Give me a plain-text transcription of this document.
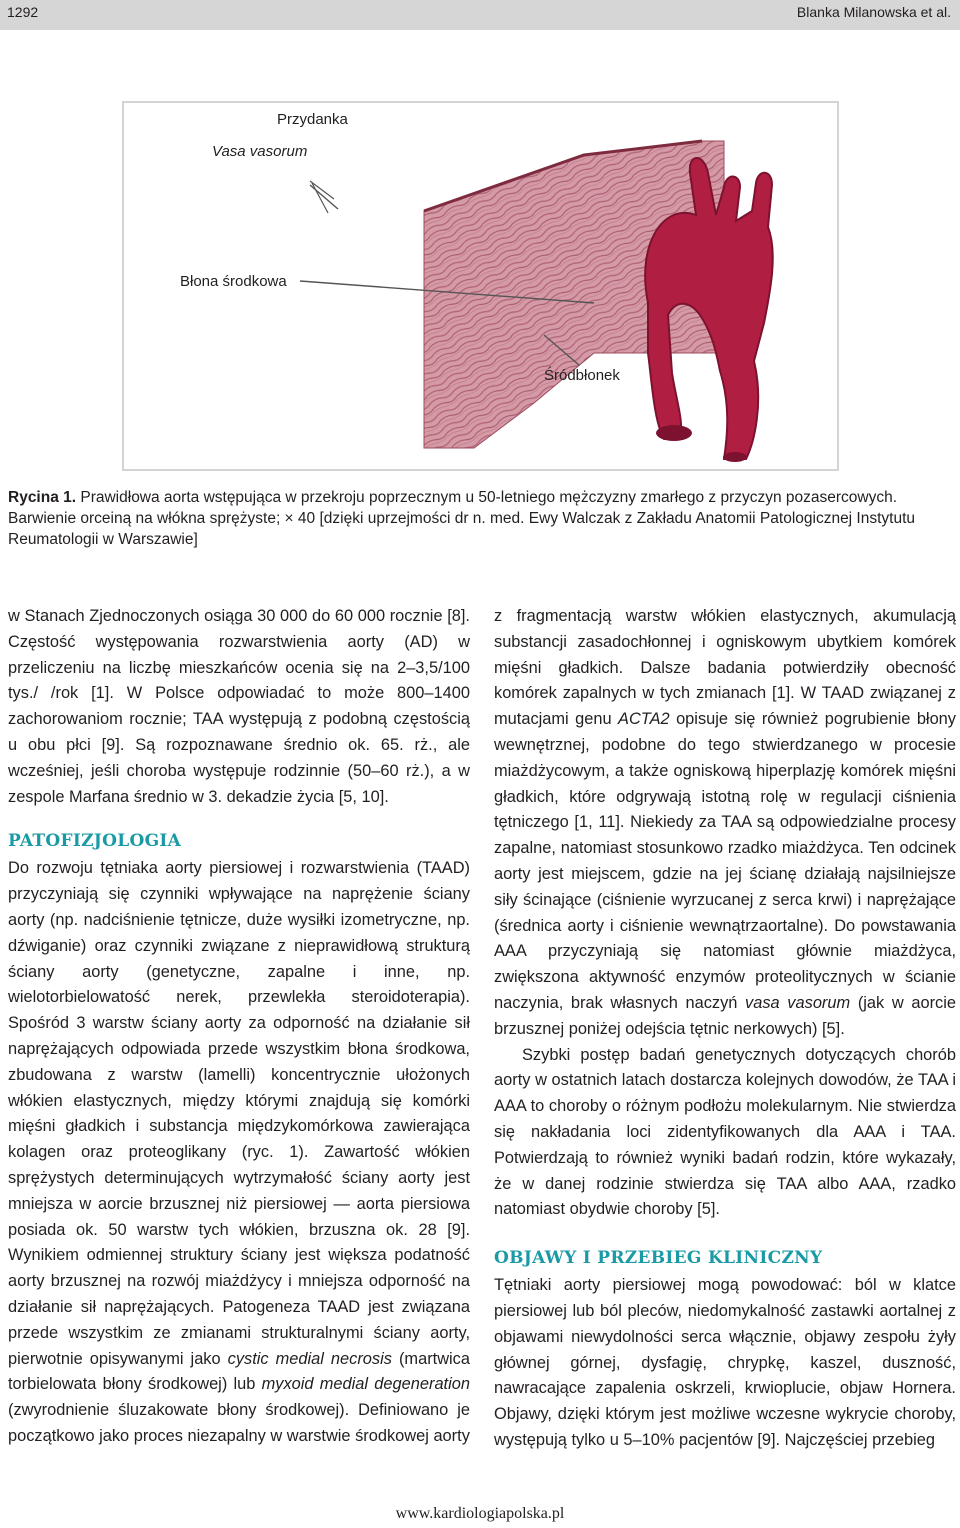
1292	Blanka Milanowska et al.
Przydanka
Vasa vasorum
Błona środkowa
Śródbłonek
Rycina 1. Prawidłowa aorta wstępująca w przekroju poprzecznym u 50-letniego mężczyzny zmarłego z przyczyn pozasercowych. Barwienie orceiną na włókna sprężyste; × 40 [dzięki uprzejmości dr n. med. Ewy Walczak z Zakładu Anatomii Patologicznej Instytutu Reumatologii w Warszawie]

w Stanach Zjednoczonych osiąga 30 000 do 60 000 rocznie [8]. Częstość występowania rozwarstwienia aorty (AD) w przeliczeniu na liczbę mieszkańców ocenia się na 2–3,5/100 tys./ /rok [1]. W Polsce odpowiadać to może 800–1400 zachorowaniom rocznie; TAA występują z podobną częstością u obu płci [9]. Są rozpoznawane średnio ok. 65. rż., ale wcześniej, jeśli choroba występuje rodzinnie (50–60 rż.), a w zespole Marfana średnio w 3. dekadzie życia [5, 10].

PATOFIZJOLOGIA

Do rozwoju tętniaka aorty piersiowej i rozwarstwienia (TAAD) przyczyniają się czynniki wpływające na naprężenie ściany aorty (np. nadciśnienie tętnicze, duże wysiłki izometryczne, np. dźwiganie) oraz czynniki związane z nieprawidłową strukturą ściany aorty (genetyczne, zapalne i inne, np. wielotorbielowatość nerek, przewlekła steroidoterapia). Spośród 3 warstw ściany aorty za odporność na działanie sił naprężających odpowiada przede wszystkim błona środkowa, zbudowana z warstw (lamelli) koncentrycznie ułożonych włókien elastycznych, między którymi znajdują się komórki mięśni gładkich i substancja międzykomórkowa zawierająca kolagen oraz proteoglikany (ryc. 1). Zawartość włókien sprężystych determinujących wytrzymałość ściany aorty jest mniejsza w aorcie brzusznej niż piersiowej — aorta piersiowa posiada ok. 50 warstw tych włókien, brzuszna ok. 28 [9]. Wynikiem odmiennej struktury ściany jest większa podatność aorty brzusznej na rozwój miażdżycy i mniejsza odporność na działanie sił naprężających. Patogeneza TAAD jest związana przede wszystkim ze zmianami strukturalnymi ściany aorty, pierwotnie opisywanymi jako cystic medial necrosis (martwica torbielowata błony środkowej) lub myxoid medial degeneration (zwyrodnienie śluzakowate błony środkowej). Definiowano je początkowo jako proces niezapalny w warstwie środkowej aorty

z fragmentacją warstw włókien elastycznych, akumulacją substancji zasadochłonnej i ogniskowym ubytkiem komórek mięśni gładkich. Dalsze badania potwierdziły obecność komórek zapalnych w tych zmianach [1]. W TAAD związanej z mutacjami genu ACTA2 opisuje się również pogrubienie błony wewnętrznej, podobne do tego stwierdzanego w procesie miażdżycowym, a także ogniskową hiperplazję komórek mięśni gładkich, które odgrywają istotną rolę w regulacji ciśnienia tętniczego [1, 11]. Niekiedy za TAA są odpowiedzialne procesy zapalne, natomiast stosunkowo rzadko miażdżyca. Ten odcinek aorty jest miejscem, gdzie na jej ścianę działają najsilniejsze siły ścinające (ciśnienie wyrzucanej z serca krwi) i naprężające (średnica aorty i ciśnienie wewnątrzaortalne). Do powstawania AAA przyczyniają się natomiast głównie miażdżyca, zwiększona aktywność enzymów proteolitycznych w ścianie naczynia, brak własnych naczyń vasa vasorum (jak w aorcie brzusznej poniżej odejścia tętnic nerkowych) [5].

Szybki postęp badań genetycznych dotyczących chorób aorty w ostatnich latach dostarcza kolejnych dowodów, że TAA i AAA to choroby o różnym podłożu molekularnym. Nie stwierdza się nakładania loci zidentyfikowanych dla AAA i TAA. Potwierdzają to również wyniki badań rodzin, które wykazały, że w danej rodzinie stwierdza się TAA albo AAA, rzadko natomiast obydwie choroby [5].

OBJAWY I PRZEBIEG KLINICZNY

Tętniaki aorty piersiowej mogą powodować: ból w klatce piersiowej lub ból pleców, niedomykalność zastawki aortalnej z objawami niewydolności serca włącznie, objawy zespołu żyły głównej górnej, dysfagię, chrypkę, kaszel, duszność, nawracające zapalenia oskrzeli, krwioplucie, objaw Hornera. Objawy, dzięki którym jest możliwe wczesne wykrycie choroby, występują tylko u 5–10% pacjentów [9]. Najczęściej przebieg

www.kardiologiapolska.pl
